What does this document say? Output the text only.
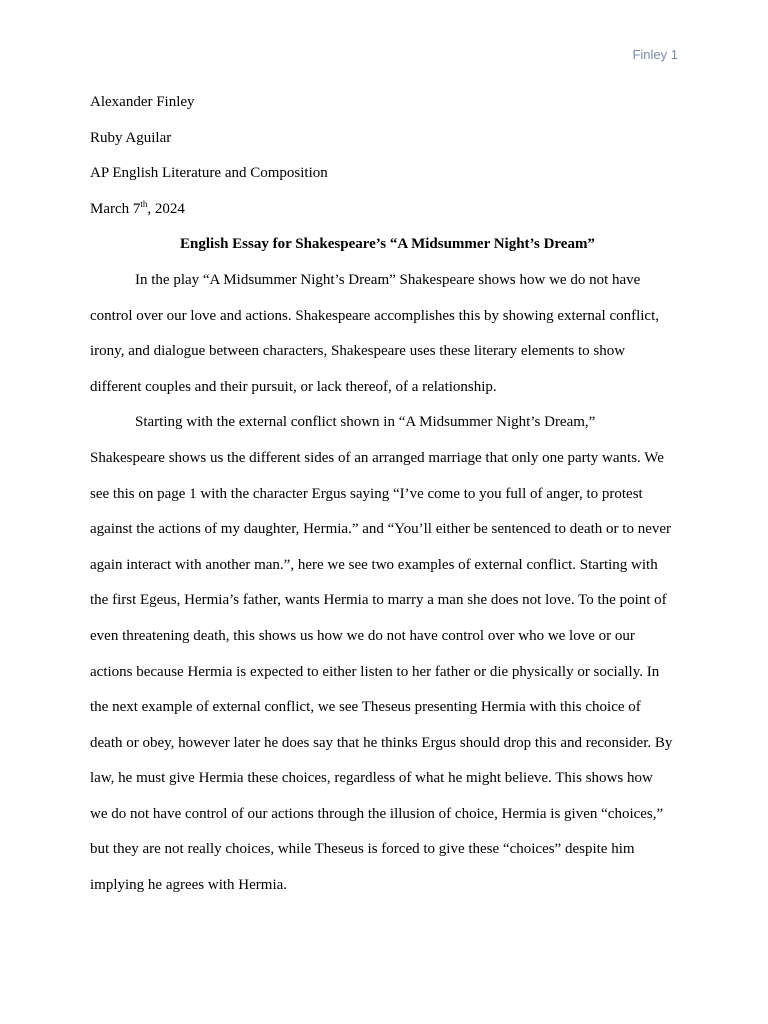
Finley 1
Alexander Finley
Ruby Aguilar
AP English Literature and Composition
March 7th, 2024
English Essay for Shakespeare’s “A Midsummer Night’s Dream”
In the play “A Midsummer Night’s Dream” Shakespeare shows how we do not have
control over our love and actions. Shakespeare accomplishes this by showing external conflict,
irony, and dialogue between characters, Shakespeare uses these literary elements to show
different couples and their pursuit, or lack thereof, of a relationship.
Starting with the external conflict shown in “A Midsummer Night’s Dream,”
Shakespeare shows us the different sides of an arranged marriage that only one party wants. We
see this on page 1 with the character Ergus saying “I’ve come to you full of anger, to protest
against the actions of my daughter, Hermia.” and “You’ll either be sentenced to death or to never
again interact with another man.”, here we see two examples of external conflict. Starting with
the first Egeus, Hermia’s father, wants Hermia to marry a man she does not love. To the point of
even threatening death, this shows us how we do not have control over who we love or our
actions because Hermia is expected to either listen to her father or die physically or socially. In
the next example of external conflict, we see Theseus presenting Hermia with this choice of
death or obey, however later he does say that he thinks Ergus should drop this and reconsider. By
law, he must give Hermia these choices, regardless of what he might believe. This shows how
we do not have control of our actions through the illusion of choice, Hermia is given “choices,”
but they are not really choices, while Theseus is forced to give these “choices” despite him
implying he agrees with Hermia.
